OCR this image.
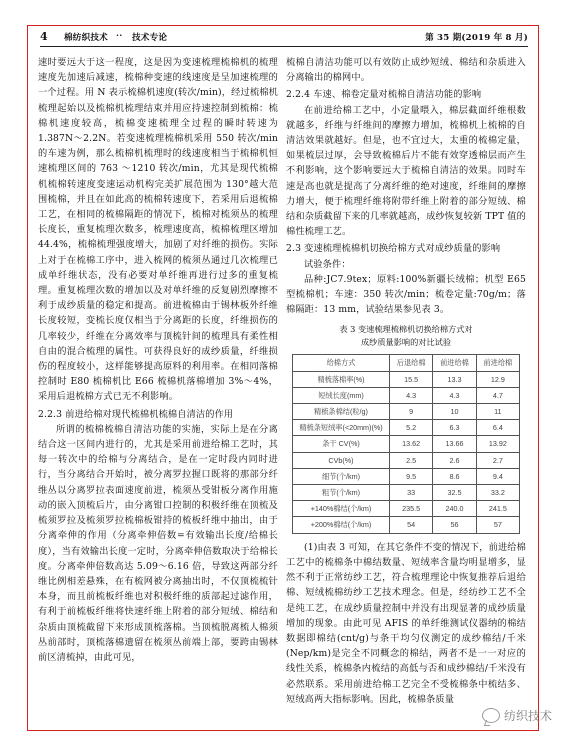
4 棉纺织技术 ·· 技术专论	第 35 期(2019 年 8 月)

速时要远大于这一程度，这是因为变速梳理梳棉机的梳理速度先加速后减速，梳棉种变速的线速度是呈加速梳理的一个过程。用 N 表示梳棉机速度(转次/min)，经过梳棉机梳理起始以及梳棉机梳理结束并用应持速控制到梳棉：梳棉机速度较高，梳棉变速梳理全过程的瞬时转速为 1.387N～2.2N。若变速梳理梳棉机采用 550 转次/min 的车速为例，那么梳棉机梳理时的线速度相当于梳棉机恒速梳理区间的 763 ～1210 转次/min，尤其是现代梳棉机梳棉转速度变速运动机构完美扩展范围为 130°越大范围梳棉，并且在如此高的梳棉转速度下，若采用后退梳棉工艺，在相同的梳棉隔距的情况下，梳棉对梳须丛的梳理长度长，重复梳理次数多，梳理速度高，梳棉梳理区增加 44.4%，梳棉梳理强度增大，加剧了对纤维的损伤。实际上对于在梳棉工序中，进入梳网的梳须丛通过几次梳理已成单纤维状态，没有必要对单纤维再进行过多的重复梳理。重复梳理次数的增加以及对单纤维的反复剧烈摩擦不利于成纱质量的稳定和提高。前进梳棉由于锡林板外纤维长度较短，变梳长度仅相当于分离距的长度，纤维损伤的几率较少，纤维在分离效率与顶梳针间的梳理具有柔性相自由的混合梳理的属性。可获得良好的成纱质量，纤维损伤的程度较小，这样能够提高原料的利用率。在相同落棉控制时 E80 梳棉机比 E66 梳棉机落棉增加 3%～4%，采用后退梳棉方式已无不利影响。

2.2.3 前进给棉对现代梳棉机梳棉自清洁的作用

所谓的梳棉梳棉自清洁功能的实施，实际上是在分离结合这一区间内进行的，尤其是采用前进给棉工艺时，其每一转次中的给棉与分离结合，是在一定时段内同时进行，当分离结合开始时，被分离罗拉握口既将的那部分纤维丛以分离罗拉表面速度前进，梳须丛受钳板分离作用施动的嵌入顶梳后片，由分离钳口控制的积极纤维在顶梳及梳须罗拉及梳须罗拉梳棉板钳持的梳板纤维中抽出，由于分离牵伸的作用（分离牵伸倍数=有效输出长度/给棉长度），当有效输出长度一定时，分离牵伸倍数取决于给棉长度。分离牵伸倍数高达 5.09～6.16 倍，导致这两部分纤维比例相差悬殊，在有梳网被分离抽出时，不仅顶梳梳针本身，而且前梳板纤维也对积极纤维的质部起过滤作用，有利于前梳板纤维将快速纤维上附着的部分短绒、棉结和杂质由顶梳截留下来形成顶梳落棉。当顶梳脱离梳人棉须丛前部时，顶梳落棉遗留在梳须丛前端上部，要跨由锡林前区清梳掉，由此可见，

梳棉自清洁功能可以有效防止成纱短绒、棉结和杂质进入分离输出的棉网中。

2.2.4 车速、棉卷定量对梳棉自清洁功能的影响

在前进给棉工艺中，小定量喂入，棉层截面纤维根数就越多，纤维与纤维间的摩擦力增加，梳棉机上梳棉的自清洁效果就越好。但是，也不宜过大，太重的梳棉定量，如果梳层过厚，会导致梳棉后片不能有效穿透棉层而产生不利影响，这个影响要远大于梳棉自清洁的效果。同时车速是高也就是提高了分离纤维的绝对速度，纤维间的摩擦力增大，便于梳理纤维将附带纤维上附着的部分短绒、棉结和杂质截留下来的几率就越高，成纱恢复较新 TPT 值的棉性梳理工艺。

2.3 变速梳理梳棉机切换给棉方式对成纱质量的影响

试验条件：

品种:JC7.9tex；原料:100%新疆长绒棉；机型 E65 型梳棉机；车速：350 转次/min；梳卷定量:70g/m；落棉隔距：13 mm，试验结果参见表 3。

表 3 变速梳理梳棉机切换给棉方式对
成纱质量影响的对比试验
给棉方式	后退给棉	前进给棉	前进给棉
精梳落棉率(%)	15.5	13.3	12.9
短绒长度(mm)	4.3	4.3	4.7
精梳条棉结(粒/g)	9	10	11
精梳条短绒率(<20mm)(%)	5.2	6.3	6.4
条干 CV(%)	13.62	13.66	13.92
CVb(%)	2.5	2.6	2.7
细节(个/km)	9.5	8.6	9.4
粗节(个/km)	33	32.5	33.2
+140%棉结(个/km)	235.5	240.0	241.5
+200%棉结(个/km)	54	56	57

(1)由表 3 可知，在其它条件不变的情况下，前进给棉工艺中的梳棉条中棉结数量、短绒率含量均明显增多，显然不利于正常纺纱工艺，符合梳理理论中恢复推荐后退给棉、短绒梳棉纺纱工艺技术理念。但是，经纺纱工艺不全是纯工艺，在成纱质量控制中并没有出现显著的成纱质量增加的现象。由此可见 AFIS 的单纤维测试仪器纳的棉结数据即棉结(cnt/g)与条干均匀仪测定的成纱棉结/千米(Nep/km)是完全不同概念的棉结，两者不是一一对应的线性关系，梳棉条内梳结的高低与否和成纱棉结/千米没有必然联系。采用前进给棉工艺完全不受梳棉条中梳结多、短绒高两大指标影响。因此，梳棉条质量

纺织技术
